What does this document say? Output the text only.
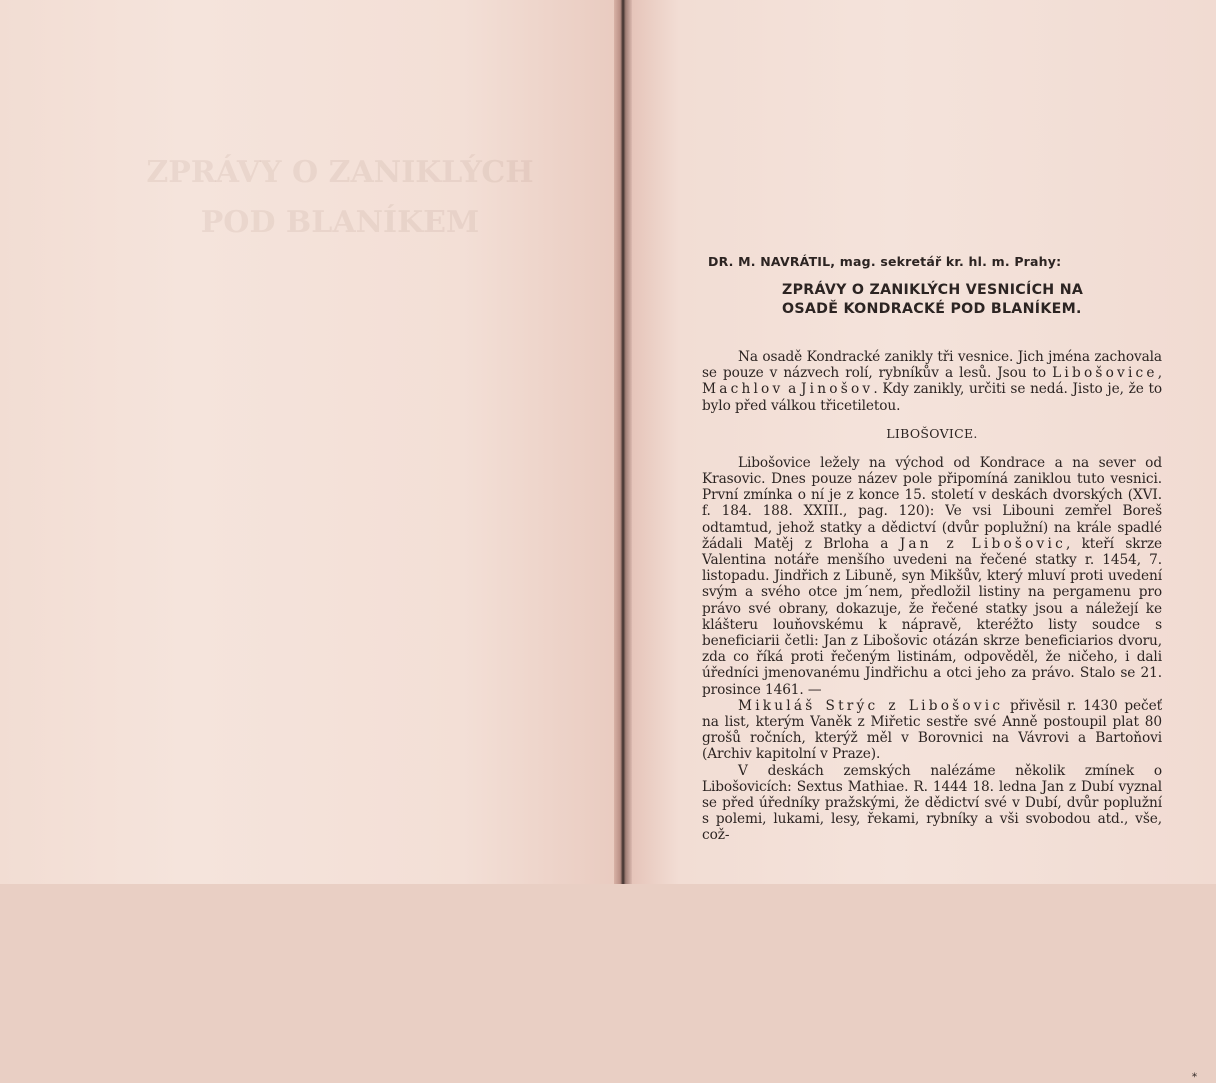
ZPRÁVY O ZANIKLÝCH
POD BLANÍKEM
DR. M. NAVRÁTIL, mag. sekretář kr. hl. m. Prahy:
ZPRÁVY O ZANIKLÝCH VESNICÍCH NA
OSADĚ KONDRACKÉ POD BLANÍKEM.

Na osadě Kondracké zanikly tři vesnice. Jich jména zachovala se pouze v názvech rolí, rybníkův a lesů. Jsou to Libošovice, Machlov a Jinošov. Kdy zanikly, určiti se nedá. Jisto je, že to bylo před válkou třicetiletou.

LIBOŠOVICE.

Libošovice ležely na východ od Kondrace a na sever od Krasovic. Dnes pouze název pole připomíná zaniklou tuto vesnici. První zmínka o ní je z konce 15. století v deskách dvorských (XVI. f. 184. 188. XXIII., pag. 120): Ve vsi Libouni zemřel Boreš odtamtud, jehož statky a dědictví (dvůr poplužní) na krále spadlé žádali Matěj z Brloha a Jan z Libošovic, kteří skrze Valentina notáře menšího uvedeni na řečené statky r. 1454, 7. listopadu. Jindřich z Libuně, syn Mikšův, který mluví proti uvedení svým a svého otce jm´nem, předložil listiny na pergamenu pro právo své obrany, dokazuje, že řečené statky jsou a náležejí ke klášteru louňovskému k nápravě, kteréžto listy soudce s beneficiarii četli: Jan z Libošovic otázán skrze beneficiarios dvoru, zda co říká proti řečeným listinám, odpověděl, že ničeho, i dali úředníci jmenovanému Jindřichu a otci jeho za právo. Stalo se 21. prosince 1461. —

Mikuláš Strýc z Libošovic přivěsil r. 1430 pečeť na list, kterým Vaněk z Miřetic sestře své Anně postoupil plat 80 grošů ročních, kterýž měl v Borovnici na Vávrovi a Bartoňovi (Archiv kapitolní v Praze).

V deskách zemských nalézáme několik zmínek o Libošovicích: Sextus Mathiae. R. 1444 18. ledna Jan z Dubí vyznal se před úředníky pražskými, že dědictví své v Dubí, dvůr poplužní s polemi, lukami, lesy, řekami, rybníky a vši svobodou atd., vše, což-

*
